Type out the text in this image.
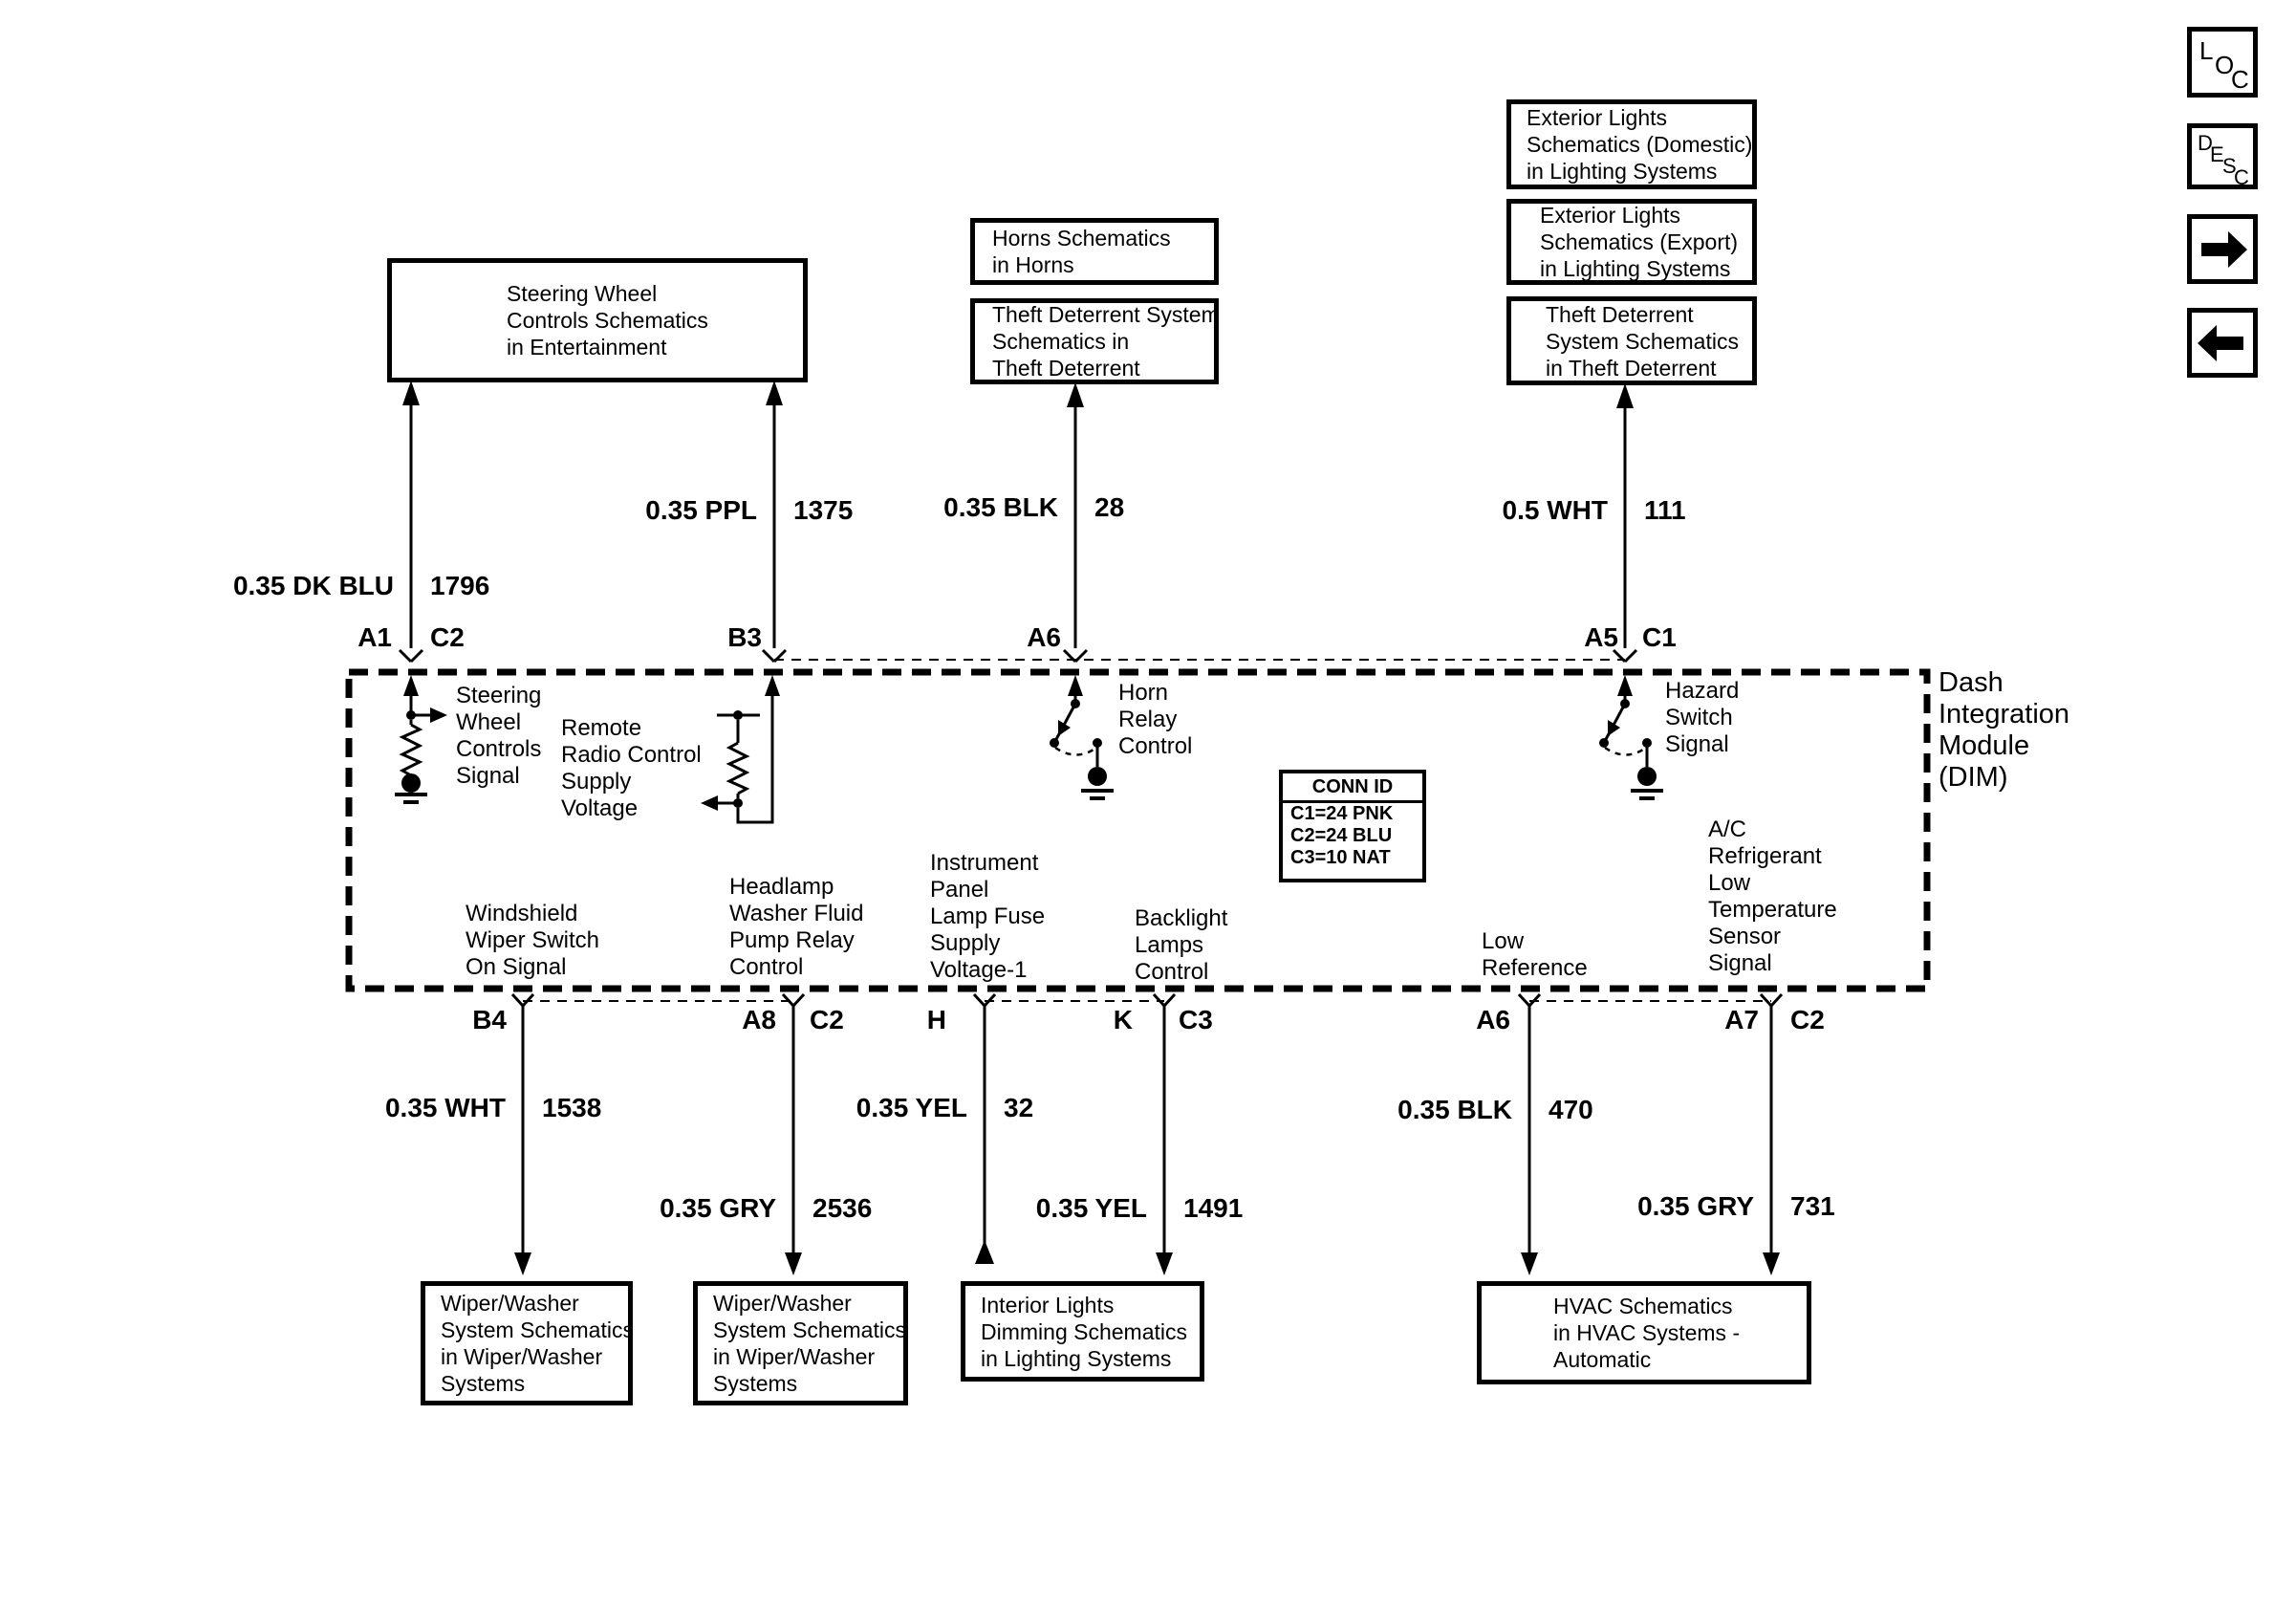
Steering Wheel
Controls Schematics
in Entertainment
Horns Schematics
in Horns
Theft Deterrent System
Schematics in
Theft Deterrent
Exterior Lights
Schematics (Domestic)
in Lighting Systems
Exterior Lights
Schematics (Export)
in Lighting Systems
Theft Deterrent
System Schematics
in Theft Deterrent
Wiper/Washer
System Schematics
in Wiper/Washer
Systems
Wiper/Washer
System Schematics
in Wiper/Washer
Systems
Interior Lights
Dimming Schematics
in Lighting Systems
HVAC Schematics
in HVAC Systems -
Automatic
0.35 DK BLU 1796
0.35 PPL 1375	0.35 BLK 28	0.5 WHT 111
0.35 WHT 1538
0.35 GRY 2536
0.35 YEL 32
0.35 YEL 1491
0.35 BLK 470
0.35 GRY 731
A1 C2	B3	A6	A5 C1
B4	A8 C2	H	K C3	A6	A7 C2
Steering
Wheel
Controls
Signal
Remote
Radio Control
Supply
Voltage
Horn
Relay
Control
Hazard
Switch
Signal
Windshield
Wiper Switch
On Signal
Headlamp
Washer Fluid
Pump Relay
Control
Instrument
Panel
Lamp Fuse
Supply
Voltage-1
Backlight
Lamps
Control
Low
Reference
A/C
Refrigerant
Low
Temperature
Sensor
Signal
CONN ID
C1=24 PNK
C2=24 BLU
C3=10 NAT
Dash
Integration
Module
(DIM)
L O
C
D
E
S
C
